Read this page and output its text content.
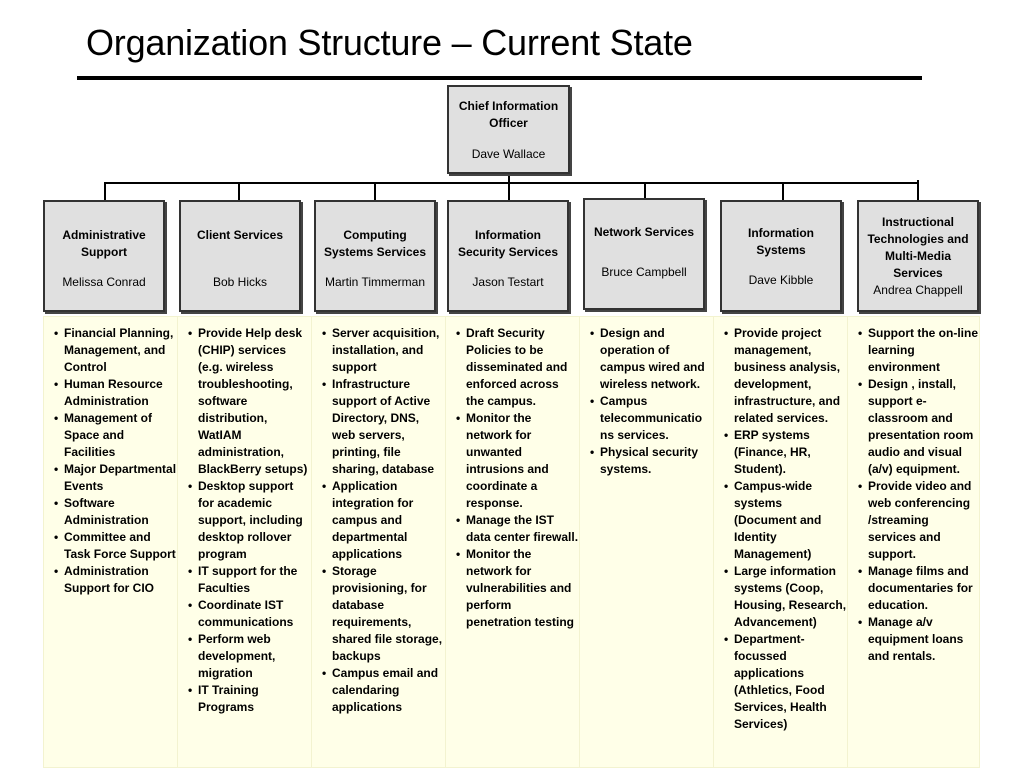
Organization Structure – Current State
Chief Information Officer
Dave Wallace
Administrative Support
Melissa Conrad
• Financial Planning, Management, and Control
• Human Resource Administration
• Management of Space and Facilities
• Major Departmental Events
• Software Administration
• Committee and Task Force Support
• Administration Support for CIO
Client Services
Bob Hicks
• Provide Help desk (CHIP) services (e.g. wireless troubleshooting, software distribution, WatIAM administration, BlackBerry setups)
• Desktop support for academic support, including desktop rollover program
• IT support for the Faculties
• Coordinate IST communications
• Perform web development, migration
• IT Training Programs
Computing Systems Services
Martin Timmerman
• Server acquisition, installation, and support
• Infrastructure support of Active Directory, DNS, web servers, printing, file sharing, database
• Application integration for campus and departmental applications
• Storage provisioning, for database requirements, shared file storage, backups
• Campus email and calendaring applications
Information Security Services
Jason Testart
• Draft Security Policies to be disseminated and enforced across the campus.
• Monitor the network for unwanted intrusions and coordinate a response.
• Manage the IST data center firewall.
• Monitor the network for vulnerabilities and perform penetration testing
Network Services
Bruce Campbell
• Design and operation of campus wired and wireless network.
• Campus telecommunicatio ns services.
• Physical security systems.
Information Systems
Dave Kibble
• Provide project management, business analysis, development, infrastructure, and related services.
• ERP systems (Finance, HR, Student).
• Campus-wide systems (Document and Identity Management)
• Large information systems (Coop, Housing, Research, Advancement)
• Department-focussed applications (Athletics, Food Services, Health Services)
Instructional Technologies and Multi-Media Services
Andrea Chappell
• Support the on-line learning environment
• Design , install, support e-classroom and presentation room audio and visual (a/v) equipment.
• Provide video and web conferencing /streaming services and support.
• Manage films and documentaries for education.
• Manage a/v equipment loans and rentals.
